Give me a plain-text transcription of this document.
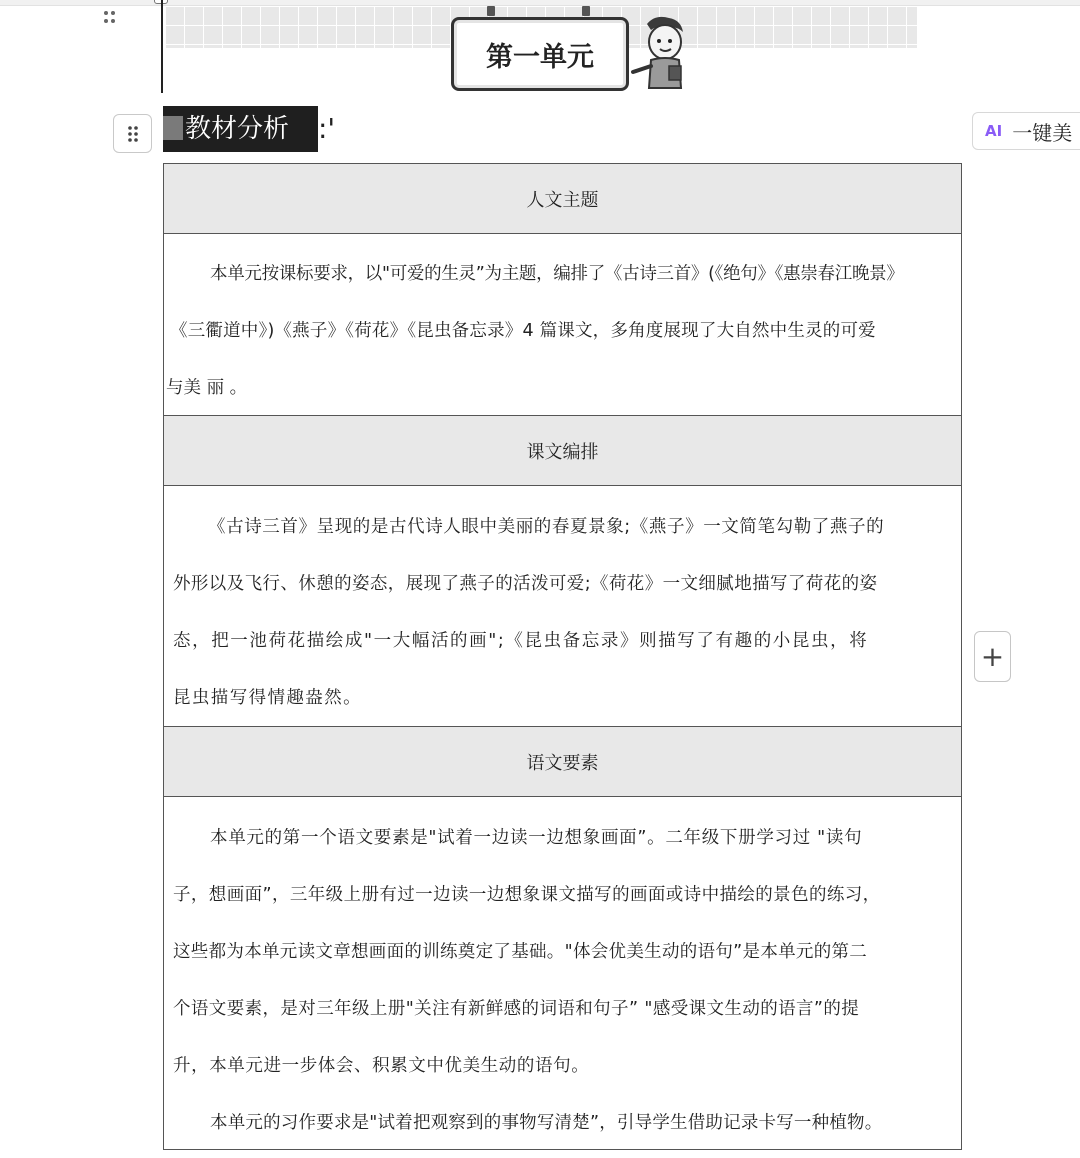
第一单元
教材分析	:'	AI 一键美
+
人文主题

本单元按课标要求，以"可爱的生灵”为主题，编排了《古诗三首》(《绝句》《惠崇春江晚景》

《三衢道中》)《燕子》《荷花》《昆虫备忘录》4 篇课文，多角度展现了大自然中生灵的可爱

与美 丽 。

课文编排

《古诗三首》呈现的是古代诗人眼中美丽的春夏景象;《燕子》一文简笔勾勒了燕子的

外形以及飞行、休憩的姿态，展现了燕子的活泼可爱;《荷花》一文细腻地描写了荷花的姿

态，把一池荷花描绘成"一大幅活的画";《昆虫备忘录》则描写了有趣的小昆虫，将

昆虫描写得情趣盎然。

语文要素

本单元的第一个语文要素是"试着一边读一边想象画面”。二年级下册学习过 "读句

子，想画面”，三年级上册有过一边读一边想象课文描写的画面或诗中描绘的景色的练习，

这些都为本单元读文章想画面的训练奠定了基础。"体会优美生动的语句”是本单元的第二

个语文要素，是对三年级上册"关注有新鲜感的词语和句子” "感受课文生动的语言”的提

升，本单元进一步体会、积累文中优美生动的语句。

本单元的习作要求是"试着把观察到的事物写清楚”，引导学生借助记录卡写一种植物。
